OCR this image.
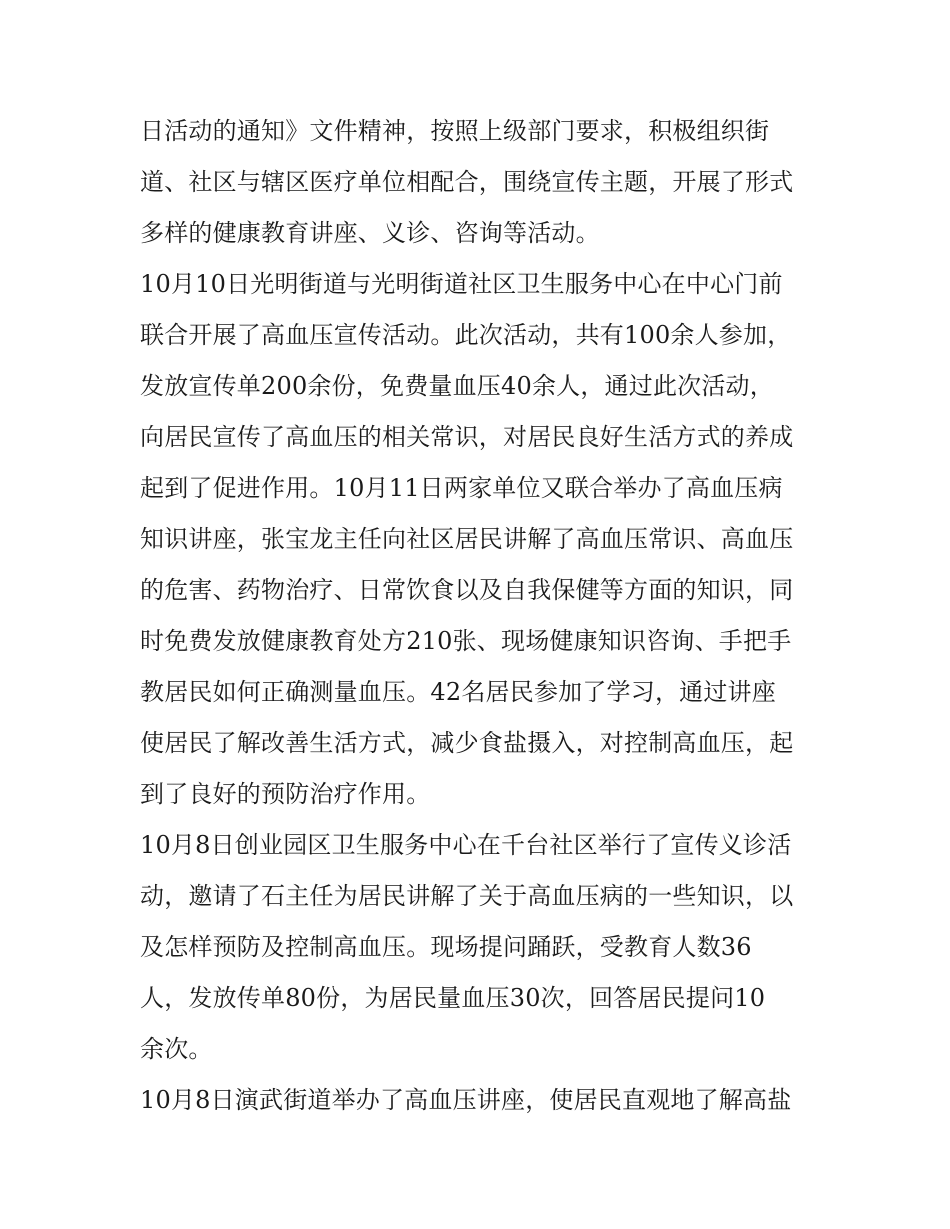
日活动的通知》文件精神，按照上级部门要求，积极组织街
道、社区与辖区医疗单位相配合，围绕宣传主题，开展了形式
多样的健康教育讲座、义诊、咨询等活动。
10月10日光明街道与光明街道社区卫生服务中心在中心门前
联合开展了高血压宣传活动。此次活动，共有100余人参加，
发放宣传单200余份，免费量血压40余人，通过此次活动，
向居民宣传了高血压的相关常识，对居民良好生活方式的养成
起到了促进作用。10月11日两家单位又联合举办了高血压病
知识讲座，张宝龙主任向社区居民讲解了高血压常识、高血压
的危害、药物治疗、日常饮食以及自我保健等方面的知识，同
时免费发放健康教育处方210张、现场健康知识咨询、手把手
教居民如何正确测量血压。42名居民参加了学习，通过讲座
使居民了解改善生活方式，减少食盐摄入，对控制高血压，起
到了良好的预防治疗作用。
10月8日创业园区卫生服务中心在千台社区举行了宣传义诊活
动，邀请了石主任为居民讲解了关于高血压病的一些知识，以
及怎样预防及控制高血压。现场提问踊跃，受教育人数36
人，发放传单80份，为居民量血压30次，回答居民提问10
余次。
10月8日演武街道举办了高血压讲座，使居民直观地了解高盐
